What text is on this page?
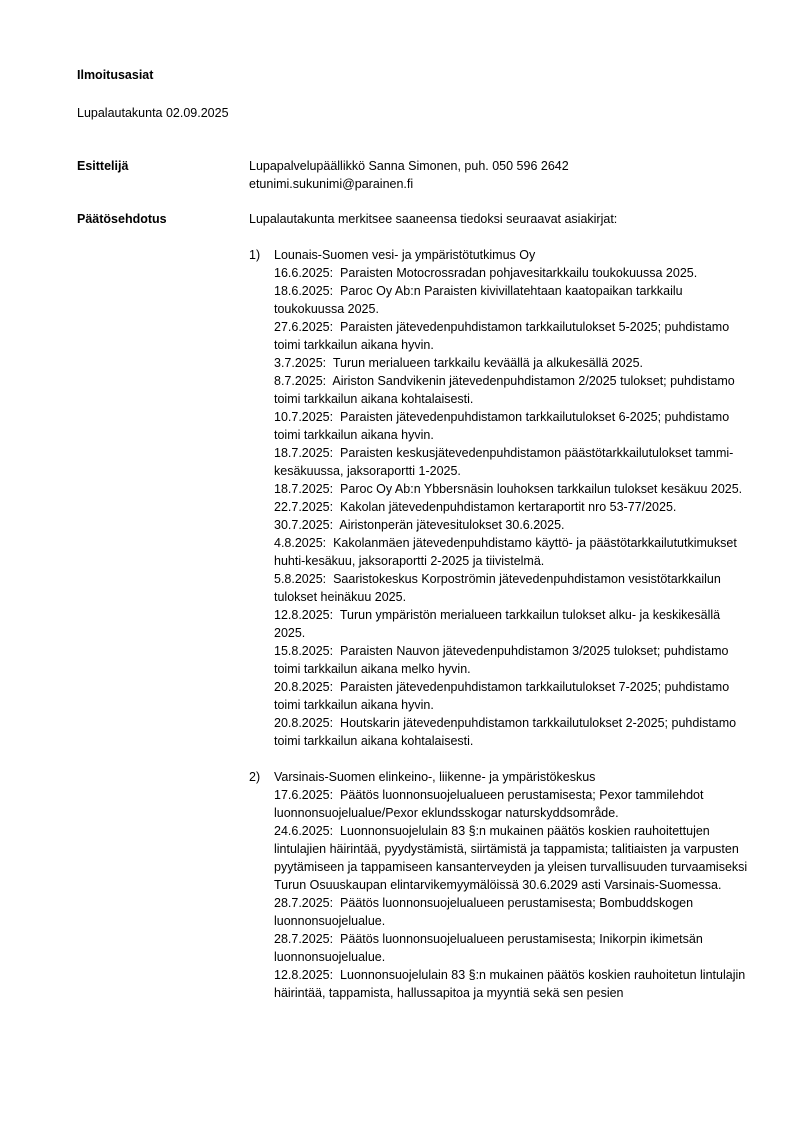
Ilmoitusasiat
Lupalautakunta 02.09.2025
Esittelijä	Lupapalvelupäällikkö Sanna Simonen, puh. 050 596 2642
etunimi.sukunimi@parainen.fi
Päätösehdotus	Lupalautakunta merkitsee saaneensa tiedoksi seuraavat asiakirjat:
1)	Lounais-Suomen vesi- ja ympäristötutkimus Oy
16.6.2025: Paraisten Motocrossradan pohjavesitarkkailu toukokuussa 2025.
18.6.2025: Paroc Oy Ab:n Paraisten kivivillatehtaan kaatopaikan tarkkailu toukokuussa 2025.
27.6.2025: Paraisten jätevedenpuhdistamon tarkkailutulokset 5-2025; puhdistamo toimi tarkkailun aikana hyvin.
3.7.2025: Turun merialueen tarkkailu keväällä ja alkukesällä 2025.
8.7.2025: Airiston Sandvikenin jätevedenpuhdistamon 2/2025 tulokset; puhdistamo toimi tarkkailun aikana kohtalaisesti.
10.7.2025: Paraisten jätevedenpuhdistamon tarkkailutulokset 6-2025; puhdistamo toimi tarkkailun aikana hyvin.
18.7.2025: Paraisten keskusjätevedenpuhdistamon päästötarkkailutulokset tammi-kesäkuussa, jaksoraportti 1-2025.
18.7.2025: Paroc Oy Ab:n Ybbersnäsin louhoksen tarkkailun tulokset kesäkuu 2025.
22.7.2025: Kakolan jätevedenpuhdistamon kertaraportit nro 53-77/2025.
30.7.2025: Airistonperän jätevesitulokset 30.6.2025.
4.8.2025: Kakolanmäen jätevedenpuhdistamo käyttö- ja päästötarkkailututkimukset huhti-kesäkuu, jaksoraportti 2-2025 ja tiivistelmä.
5.8.2025: Saaristokeskus Korpoströmin jätevedenpuhdistamon vesistötarkkailun tulokset heinäkuu 2025.
12.8.2025: Turun ympäristön merialueen tarkkailun tulokset alku- ja keskikesällä 2025.
15.8.2025: Paraisten Nauvon jätevedenpuhdistamon 3/2025 tulokset; puhdistamo toimi tarkkailun aikana melko hyvin.
20.8.2025: Paraisten jätevedenpuhdistamon tarkkailutulokset 7-2025; puhdistamo toimi tarkkailun aikana hyvin.
20.8.2025: Houtskarin jätevedenpuhdistamon tarkkailutulokset 2-2025; puhdistamo toimi tarkkailun aikana kohtalaisesti.
2)	Varsinais-Suomen elinkeino-, liikenne- ja ympäristökeskus
17.6.2025: Päätös luonnonsuojelualueen perustamisesta; Pexor tammilehdot luonnonsuojelualue/Pexor eklundsskogar naturskyddsområde.
24.6.2025: Luonnonsuojelulain 83 §:n mukainen päätös koskien rauhoitettujen lintulajien häirintää, pyydystämistä, siirtämistä ja tappamista; talitiaisten ja varpusten pyytämiseen ja tappamiseen kansanterveyden ja yleisen turvallisuuden turvaamiseksi Turun Osuuskaupan elintarvikemyymälöissä 30.6.2029 asti Varsinais-Suomessa.
28.7.2025: Päätös luonnonsuojelualueen perustamisesta; Bombuddskogen luonnonsuojelualue.
28.7.2025: Päätös luonnonsuojelualueen perustamisesta; Inikorpin ikimetsän luonnonsuojelualue.
12.8.2025: Luonnonsuojelulain 83 §:n mukainen päätös koskien rauhoitetun lintulajin häirintää, tappamista, hallussapitoa ja myyntiä sekä sen pesien
